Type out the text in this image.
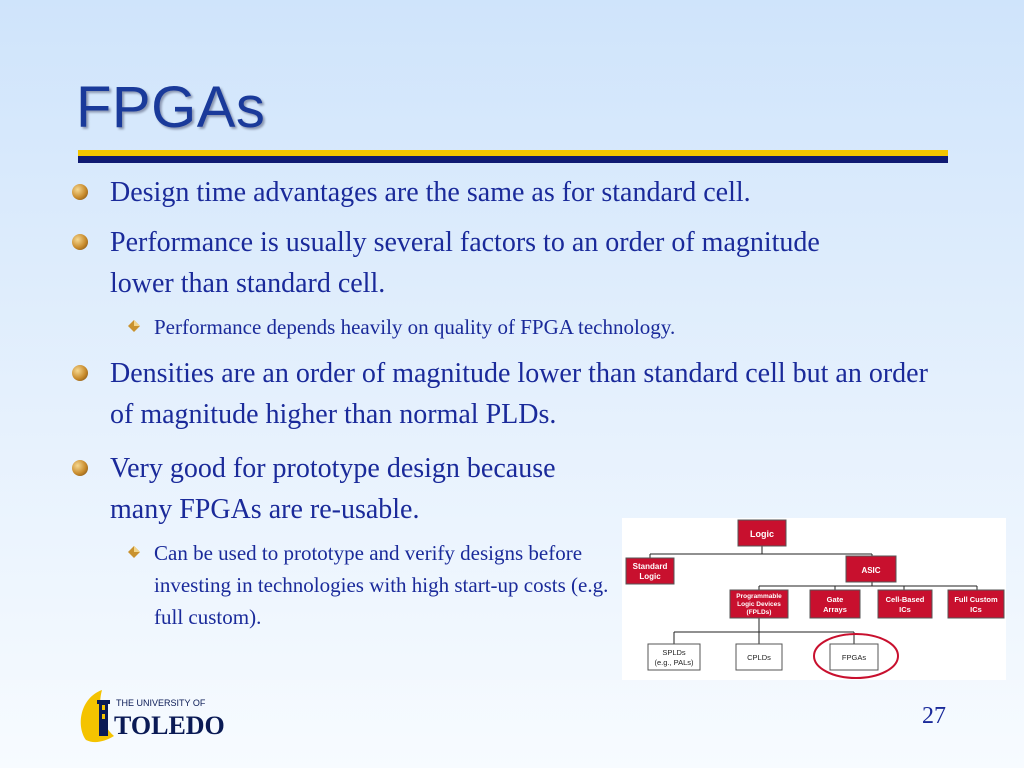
FPGAs
Design time advantages are the same as for standard cell.
Performance is usually several factors to an order of magnitude lower than standard cell.
Performance depends heavily on quality of FPGA technology.
Densities are an order of magnitude lower than standard cell but an order of magnitude higher than normal PLDs.
Very good for prototype design because many FPGAs are re-usable.
Can be used to prototype and verify designs before investing in technologies with high start-up costs (e.g. full custom).
Logic
Standard
Logic
ASIC
Programmable
Logic Devices
(FPLDs)
Gate
Arrays
Cell-Based
ICs
Full Custom
ICs
SPLDs
(e.g., PALs)
CPLDs	FPGAs
THE UNIVERSITY OF
TOLEDO	27
